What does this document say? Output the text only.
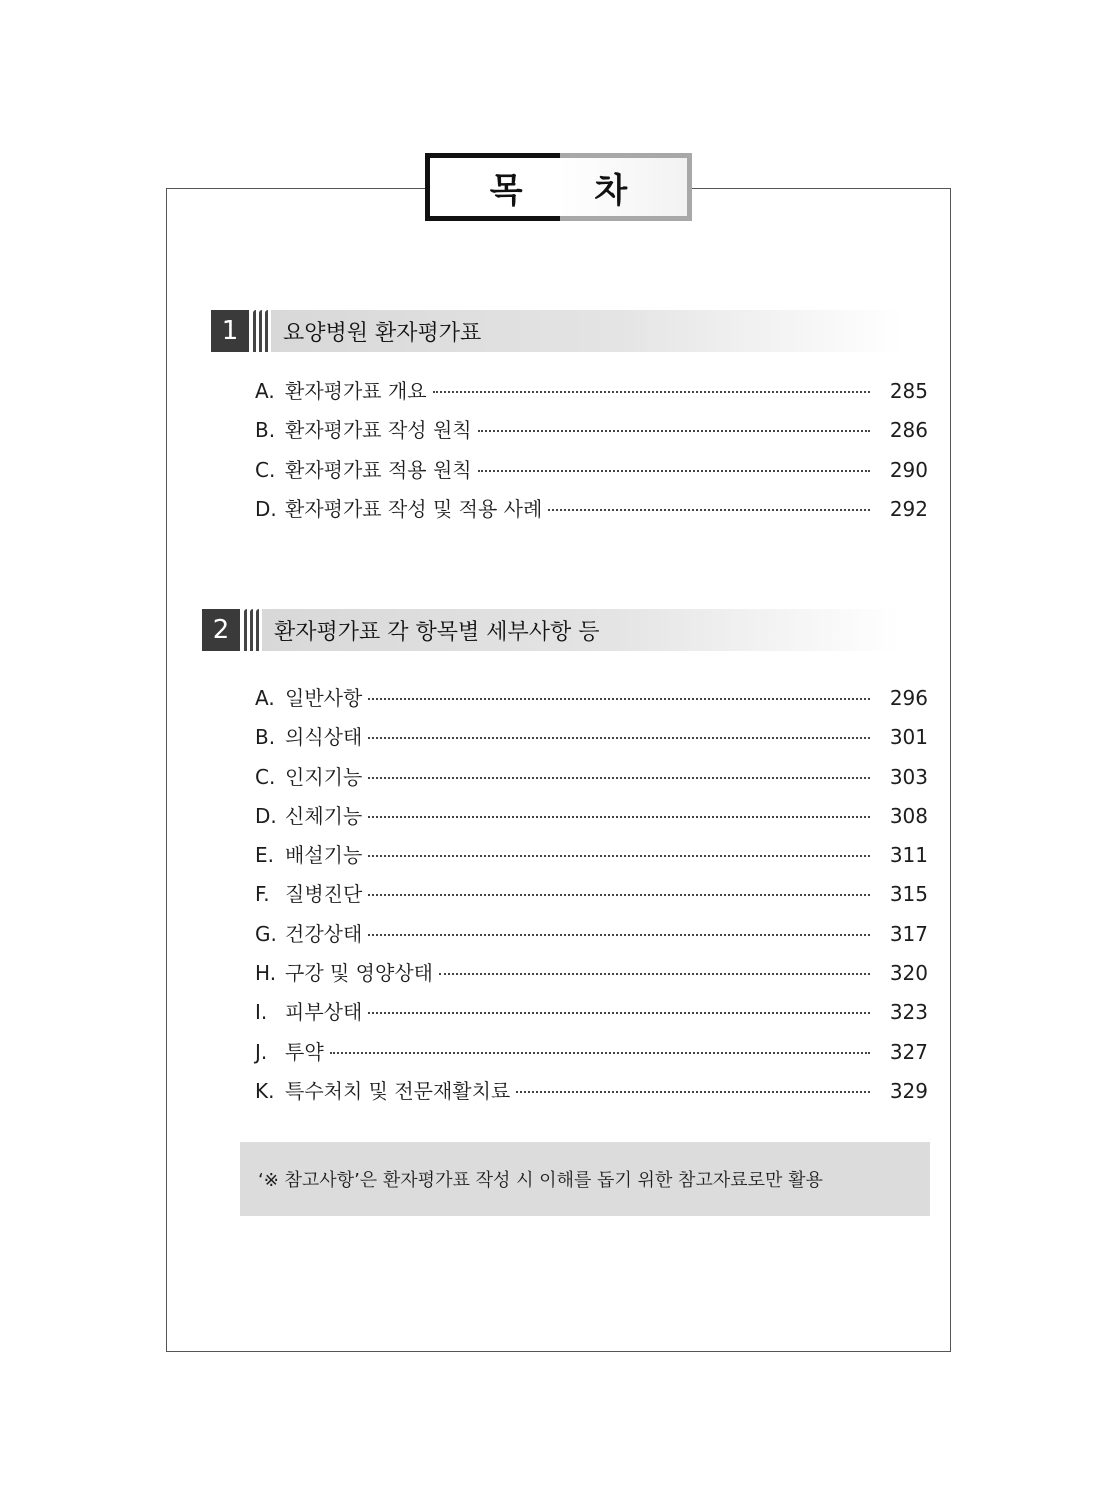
목 차
1	요양병원 환자평가표
A. 환자평가표 개요	285
B. 환자평가표 작성 원칙	286
C. 환자평가표 적용 원칙	290
D. 환자평가표 작성 및 적용 사례	292
2	환자평가표 각 항목별 세부사항 등
A. 일반사항	296
B. 의식상태	301
C. 인지기능	303
D. 신체기능	308
E. 배설기능	311
F. 질병진단	315
G. 건강상태	317
H. 구강 및 영양상태	320
I. 피부상태	323
J. 투약	327
K. 특수처치 및 전문재활치료	329
‘※ 참고사항’은 환자평가표 작성 시 이해를 돕기 위한 참고자료로만 활용
